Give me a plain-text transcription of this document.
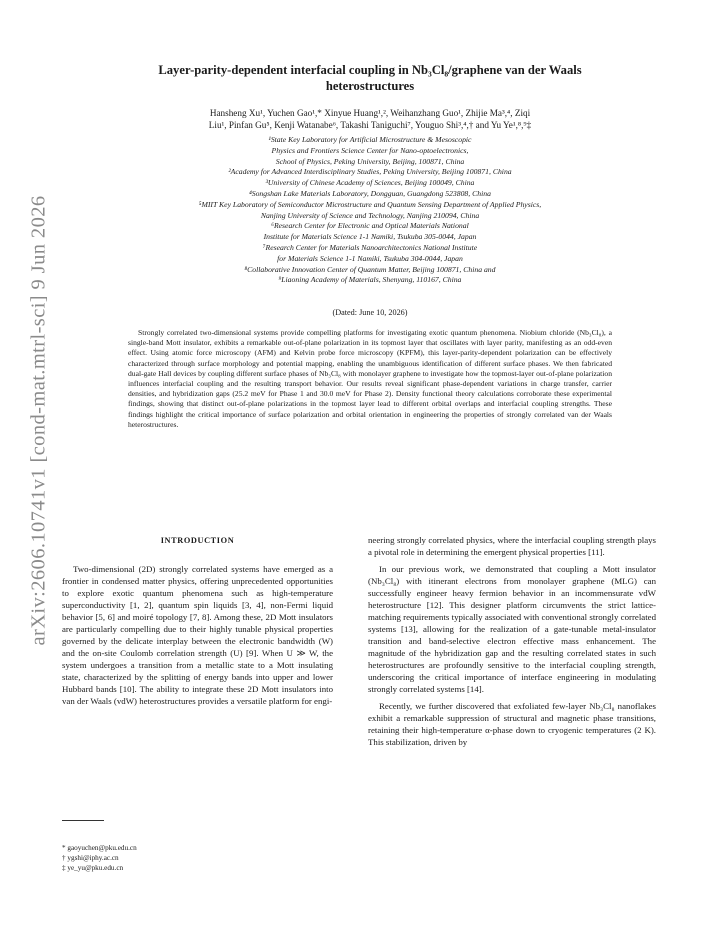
arXiv:2606.10741v1 [cond-mat.mtrl-sci] 9 Jun 2026
Layer-parity-dependent interfacial coupling in Nb₃Cl₈/graphene van der Waals
heterostructures
Hansheng Xu¹, Yuchen Gao¹,* Xinyue Huang¹,², Weihanzhang Guo¹, Zhijie Ma³,⁴, Ziqi
Liu¹, Pinfan Gu⁵, Kenji Watanabe⁶, Takashi Taniguchi⁷, Youguo Shi³,⁴,† and Yu Ye¹,⁸,⁹‡
¹State Key Laboratory for Artificial Microstructure & Mesoscopic
Physics and Frontiers Science Center for Nano-optoelectronics,
School of Physics, Peking University, Beijing, 100871, China
²Academy for Advanced Interdisciplinary Studies, Peking University, Beijing 100871, China
³University of Chinese Academy of Sciences, Beijing 100049, China
⁴Songshan Lake Materials Laboratory, Dongguan, Guangdong 523808, China
⁵MIIT Key Laboratory of Semiconductor Microstructure and Quantum Sensing Department of Applied Physics,
Nanjing University of Science and Technology, Nanjing 210094, China
⁶Research Center for Electronic and Optical Materials National
Institute for Materials Science 1-1 Namiki, Tsukuba 305-0044, Japan
⁷Research Center for Materials Nanoarchitectonics National Institute
for Materials Science 1-1 Namiki, Tsukuba 304-0044, Japan
⁸Collaborative Innovation Center of Quantum Matter, Beijing 100871, China and
⁹Liaoning Academy of Materials, Shenyang, 110167, China
(Dated: June 10, 2026)
Strongly correlated two-dimensional systems provide compelling platforms for investigating exotic quantum phenomena. Niobium chloride (Nb₃Cl₈), a single-band Mott insulator, exhibits a remarkable out-of-plane polarization in its topmost layer that oscillates with layer parity, manifesting as an odd-even effect. Using atomic force microscopy (AFM) and Kelvin probe force microscopy (KPFM), this layer-parity-dependent polarization can be effectively characterized through surface morphology and potential mapping, enabling the unambiguous identification of different surface phases. We then fabricated dual-gate Hall devices by coupling different surface phases of Nb₃Cl₈ with monolayer graphene to investigate how the topmost-layer out-of-plane polarization influences interfacial coupling and the resulting transport behavior. Our results reveal significant phase-dependent variations in charge transfer, carrier densities, and hybridization gaps (25.2 meV for Phase 1 and 30.0 meV for Phase 2). Density functional theory calculations corroborate these experimental findings, showing that distinct out-of-plane polarizations in the topmost layer lead to different orbital overlaps and interfacial coupling strengths. These findings highlight the critical importance of surface polarization and orbital orientation in engineering the properties of strongly correlated van der Waals heterostructures.
INTRODUCTION

Two-dimensional (2D) strongly correlated systems have emerged as a frontier in condensed matter physics, offering unprecedented opportunities to explore exotic quantum phenomena such as high-temperature superconductivity [1, 2], quantum spin liquids [3, 4], non-Fermi liquid behavior [5, 6] and moiré topology [7, 8]. Among these, 2D Mott insulators are particularly compelling due to their highly tunable physical properties governed by the delicate interplay between the electronic bandwidth (W) and the on-site Coulomb correlation strength (U) [9]. When U ≫ W, the system undergoes a transition from a metallic state to a Mott insulating state, characterized by the splitting of energy bands into upper and lower Hubbard bands [10]. The ability to integrate these 2D Mott insulators into van der Waals (vdW) heterostructures provides a versatile platform for engi-

neering strongly correlated physics, where the interfacial coupling strength plays a pivotal role in determining the emergent physical properties [11].

In our previous work, we demonstrated that coupling a Mott insulator (Nb₃Cl₈) with itinerant electrons from monolayer graphene (MLG) can successfully engineer heavy fermion behavior in an incommensurate vdW heterostructure [12]. This designer platform circumvents the strict lattice-matching requirements typically associated with conventional strongly correlated systems [13], allowing for the realization of a gate-tunable metal-insulator transition and band-selective electron effective mass enhancement. The magnitude of the hybridization gap and the resulting correlated states in such heterostructures are profoundly sensitive to the interfacial coupling strength, underscoring the critical importance of interface engineering in modulating strongly correlated systems [14].

Recently, we further discovered that exfoliated few-layer Nb₃Cl₈ nanoflakes exhibit a remarkable suppression of structural and magnetic phase transitions, retaining their high-temperature α-phase down to cryogenic temperatures (2 K). This stabilization, driven by

* gaoyuchen@pku.edu.cn
† ygshi@iphy.ac.cn
‡ ye_yu@pku.edu.cn
